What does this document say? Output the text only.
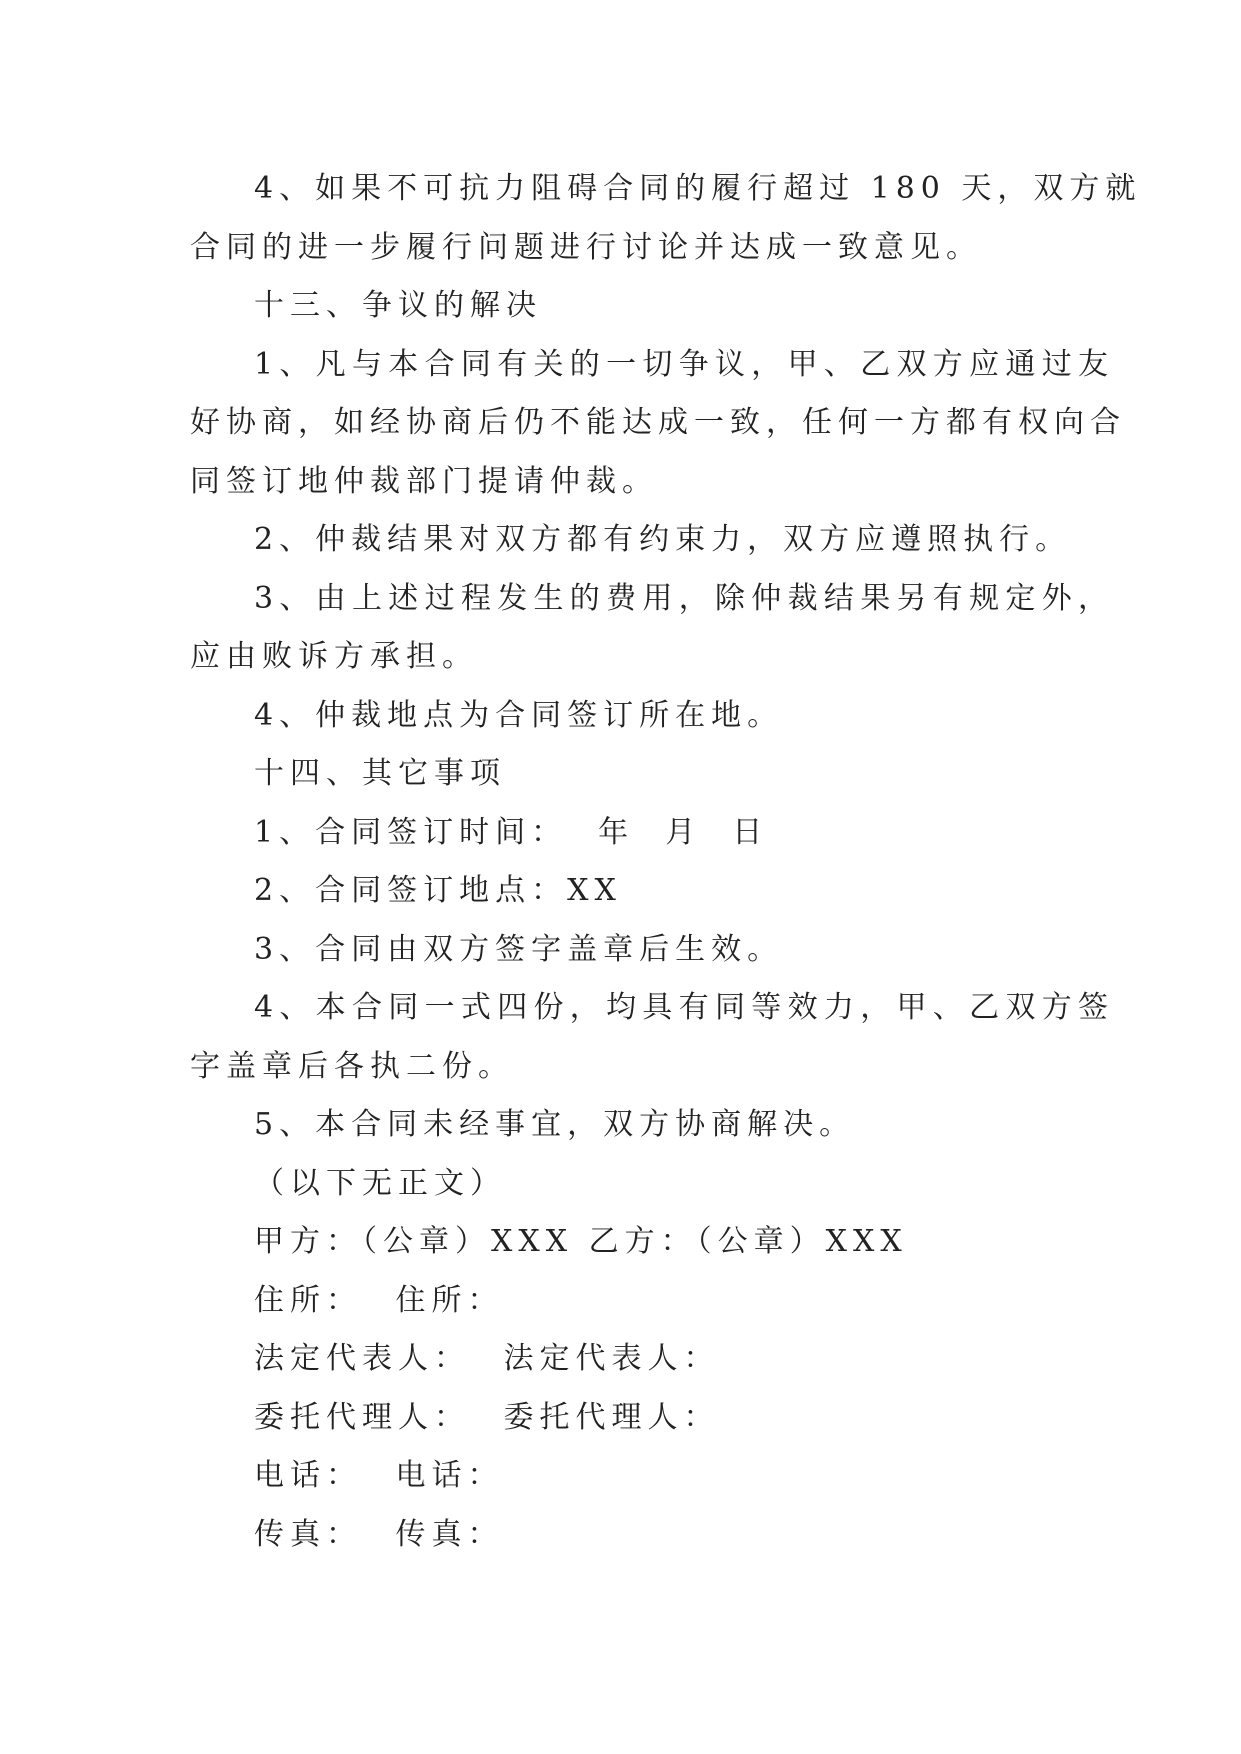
4、如果不可抗力阻碍合同的履行超过 180 天，双方就
合同的进一步履行问题进行讨论并达成一致意见。
十三、争议的解决
1、凡与本合同有关的一切争议，甲、乙双方应通过友
好协商，如经协商后仍不能达成一致，任何一方都有权向合
同签订地仲裁部门提请仲裁。
2、仲裁结果对双方都有约束力，双方应遵照执行。
3、由上述过程发生的费用，除仲裁结果另有规定外，
应由败诉方承担。
4、仲裁地点为合同签订所在地。
十四、其它事项
1、合同签订时间：  年  月  日
2、合同签订地点：XX
3、合同由双方签字盖章后生效。
4、本合同一式四份，均具有同等效力，甲、乙双方签
字盖章后各执二份。
5、本合同未经事宜，双方协商解决。
（以下无正文）
甲方：（公章）XXX 乙方：（公章）XXX
住所： 住所：
法定代表人： 法定代表人：
委托代理人： 委托代理人：
电话： 电话：
传真： 传真：
